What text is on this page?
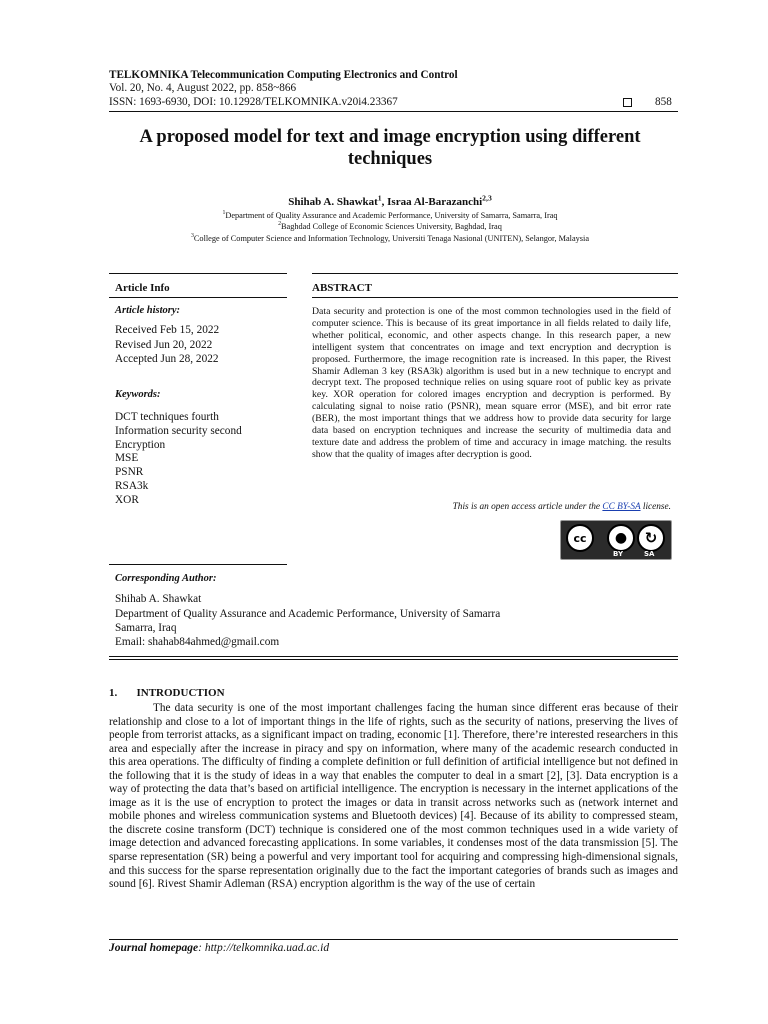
TELKOMNIKA Telecommunication Computing Electronics and Control
Vol. 20, No. 4, August 2022, pp. 858~866
ISSN: 1693-6930, DOI: 10.12928/TELKOMNIKA.v20i4.23367	858
A proposed model for text and image encryption using different techniques
Shihab A. Shawkat$^1$, Israa Al-Barazanchi$^{2,3}$
$^1$Department of Quality Assurance and Academic Performance, University of Samarra, Samarra, Iraq
$^2$Baghdad College of Economic Sciences University, Baghdad, Iraq
$^3$College of Computer Science and Information Technology, Universiti Tenaga Nasional (UNITEN), Selangor, Malaysia
Article Info
Article history:
Received Feb 15, 2022
Revised Jun 20, 2022
Accepted Jun 28, 2022
Keywords:
DCT techniques fourth
Information security second
Encryption
MSE
PSNR
RSA3k
XOR
ABSTRACT
Data security and protection is one of the most common technologies used in the field of computer science. This is because of its great importance in all fields related to daily life, whether political, economic, and other aspects change. In this research paper, a new intelligent system that concentrates on image and text encryption and decryption is proposed. Furthermore, the image recognition rate is increased. In this paper, the Rivest Shamir Adleman 3 key (RSA3k) algorithm is used but in a new technique to encrypt and decrypt text. The proposed technique relies on using square root of public key as private key. XOR operation for colored images encryption and decryption is performed. By calculating signal to noise ratio (PSNR), mean square error (MSE), and bit error rate (BER), the most important things that we address how to provide data security for large data based on encryption techniques and increase the security of multimedia data and texture date and address the problem of time and accuracy in image matching. the results show that the quality of images after decryption is good.
This is an open access article under the CC BY-SA license.
cc	●	↻
BY	SA
Corresponding Author:
Shihab A. Shawkat
Department of Quality Assurance and Academic Performance, University of Samarra
Samarra, Iraq
Email: shahab84ahmed@gmail.com
1.       INTRODUCTION

The data security is one of the most important challenges facing the human since different eras because of their relationship and close to a lot of important things in the life of rights, such as the security of nations, preserving the lives of people from terrorist attacks, as a significant impact on trading, economic [1]. Therefore, there’re interested researchers in this area and especially after the increase in piracy and spy on information, where many of the academic research conducted in this area operations. The difficulty of finding a complete definition or full definition of artificial intelligence but not defined in the following that it is the study of ideas in a way that enables the computer to deal in a smart [2], [3]. Data encryption is a way of protecting the data that’s based on artificial intelligence. The encryption is necessary in the internet applications of the image as it is the use of encryption to protect the images or data in transit across networks such as (network internet and mobile phones and wireless communication systems and Bluetooth devices) [4]. Because of its ability to compressed steam, the discrete cosine transform (DCT) technique is considered one of the most common techniques used in a wide variety of image detection and advanced forecasting applications. In some variables, it condenses most of the data transmission [5]. The sparse representation (SR) being a powerful and very important tool for acquiring and compressing high-dimensional signals, and this success for the sparse representation originally due to the fact the important categories of brands such as images and sound [6]. Rivest Shamir Adleman (RSA) encryption algorithm is the way of the use of certain

Journal homepage: http://telkomnika.uad.ac.id
